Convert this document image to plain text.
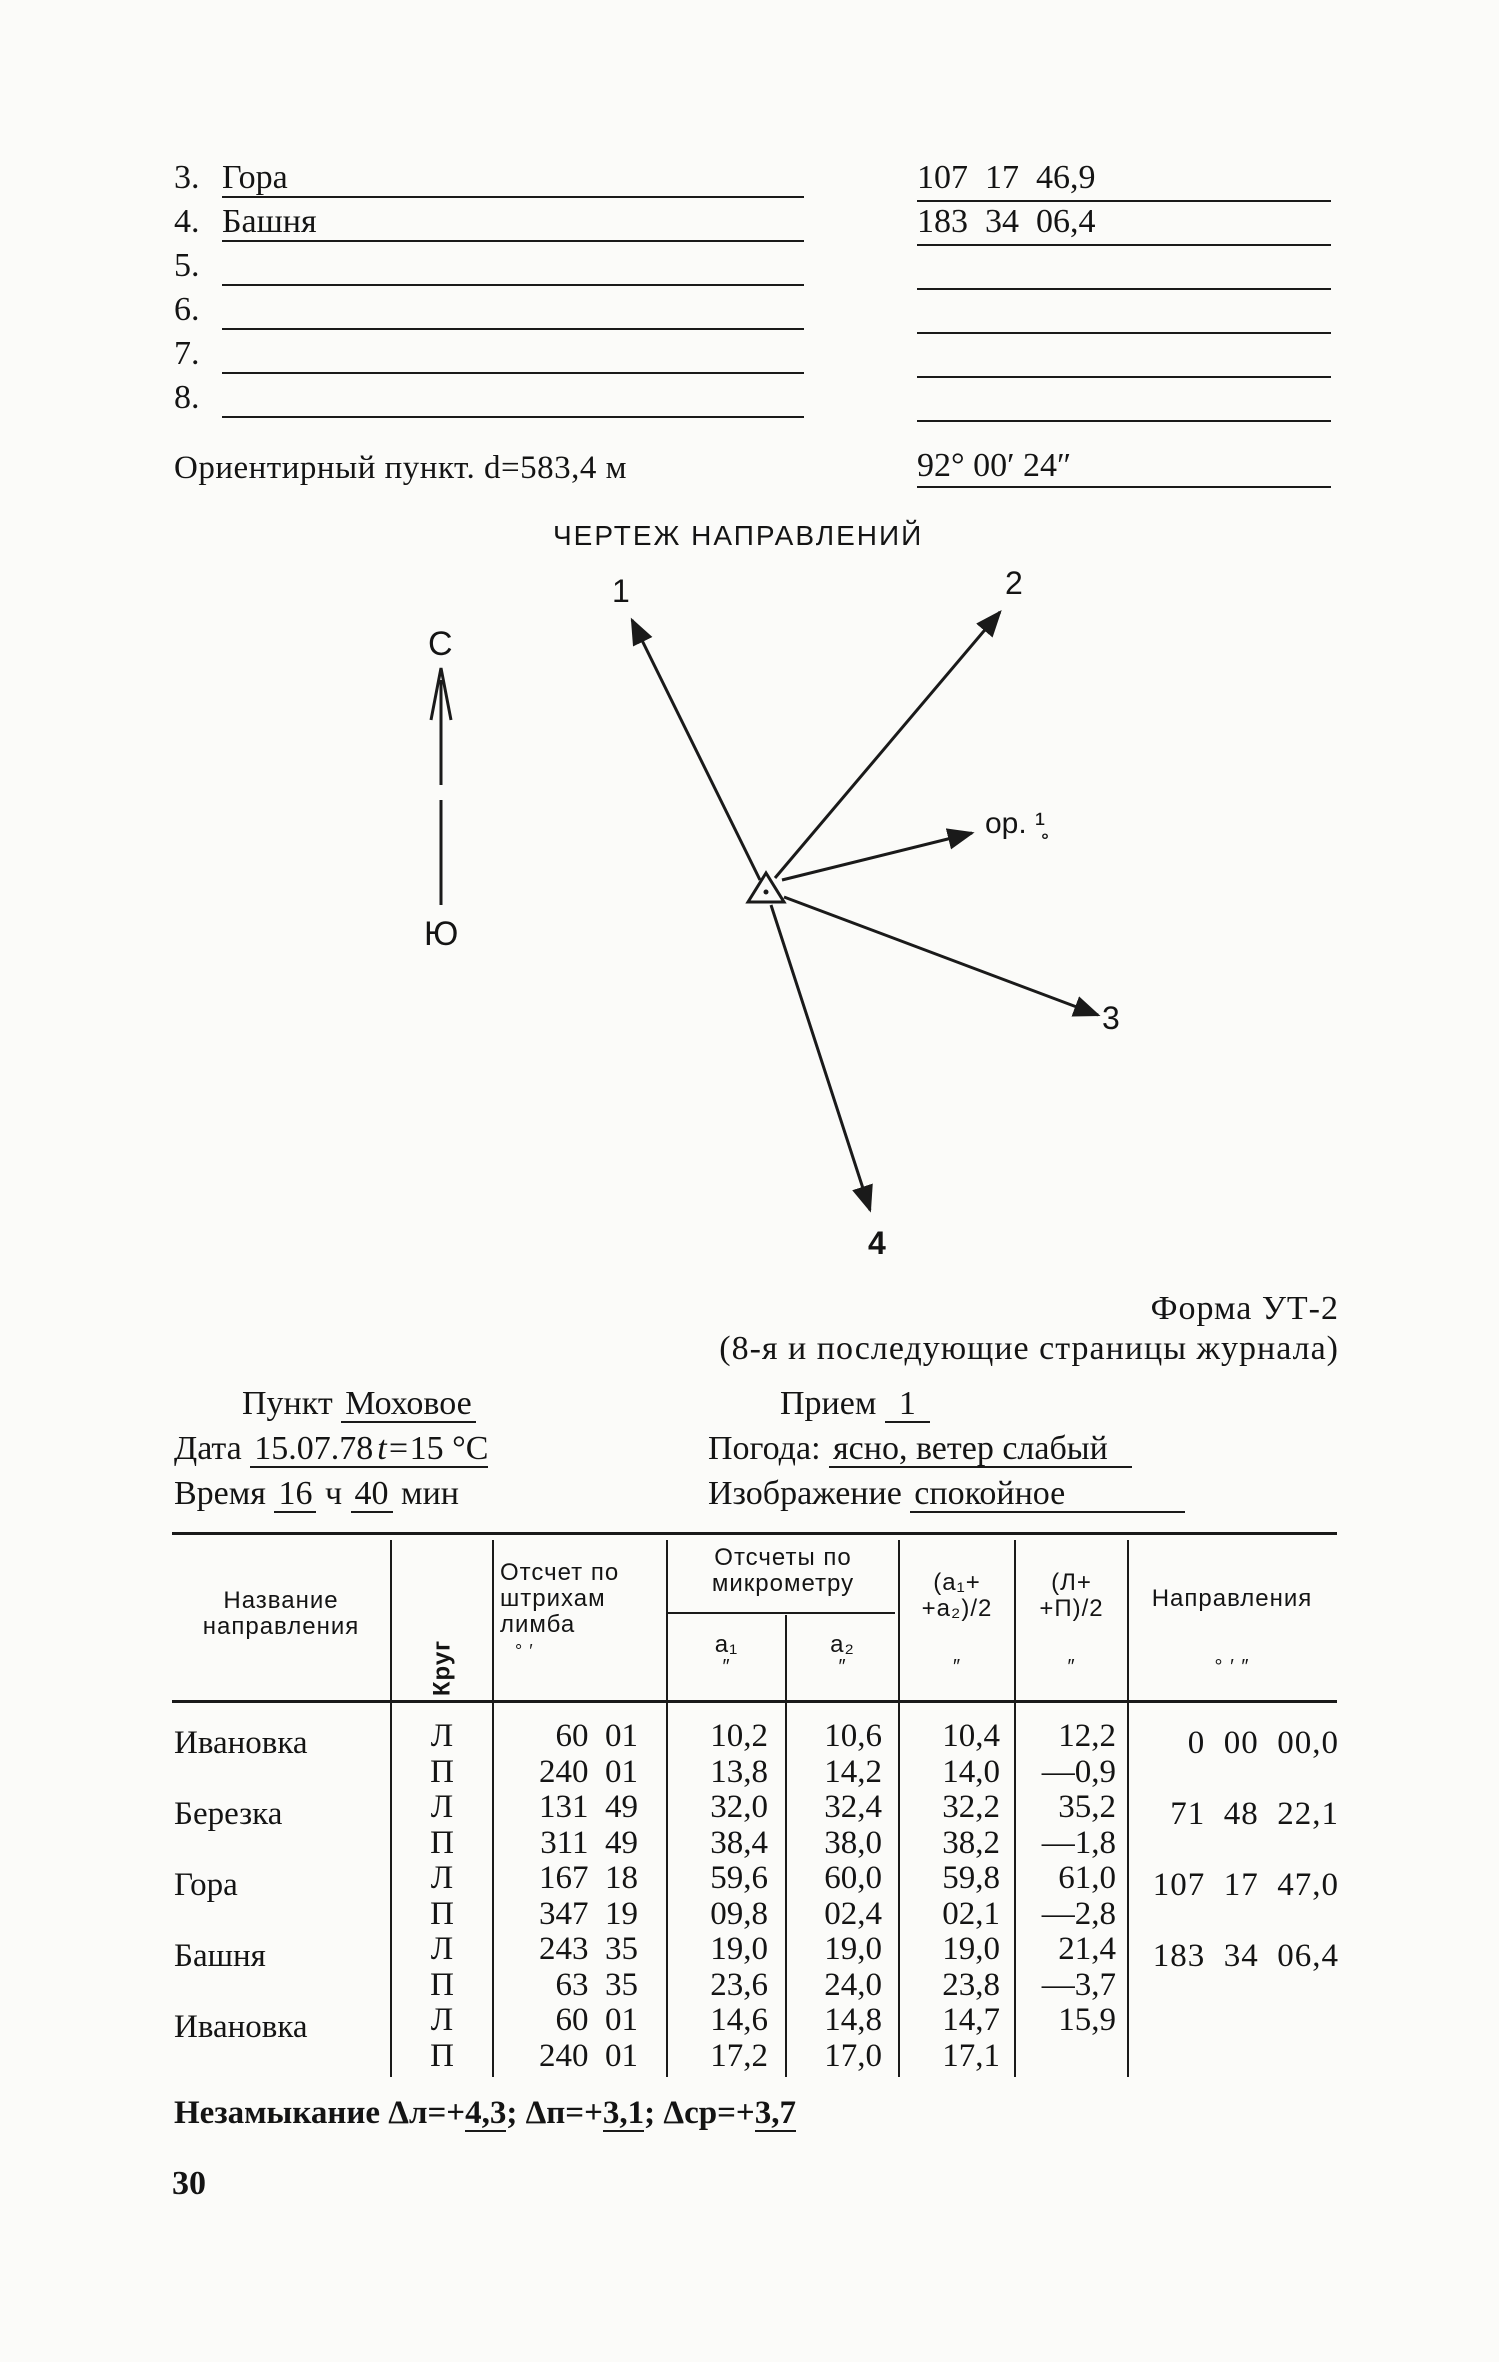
3. Гора	107  17  46,9
4. Башня	183  34  06,4
5.
6.
7.
8.
Ориентирный пункт. d=583,4 м	92° 00′ 24″
ЧЕРТЕЖ НАПРАВЛЕНИЙ
С
Ю
1	2
ор. ¹̥
3
4
Форма УТ-2
(8-я и последующие страницы журнала)
Пункт Моховое
Дата 15.07.78 t=15 °C
Время 16 ч 40 мин
Прием 1
Погода: ясно, ветер слабый
Изображение спокойное
Название направления
Круг
Отсчет по штрихам лимба
° ′
Отсчеты по микрометру
a₁	a₂
″	″
(a₁+ +a₂)/2
″
(Л+ +П)/2
″
Направления
° ′ ″
Ивановка	Л	60  01	10,2	10,6	10,4	12,2	0  00  00,0
П	240  01	13,8	14,2	14,0	—0,9
Березка	Л	131  49	32,0	32,4	32,2	35,2	71  48  22,1
П	311  49	38,4	38,0	38,2	—1,8
Гора	Л	167  18	59,6	60,0	59,8	61,0	107  17  47,0
П	347  19	09,8	02,4	02,1	—2,8
Башня	Л	243  35	19,0	19,0	19,0	21,4	183  34  06,4
П	63  35	23,6	24,0	23,8	—3,7
Ивановка	Л	60  01	14,6	14,8	14,7	15,9
П	240  01	17,2	17,0	17,1
Незамыкание Δл=+4,3; Δп=+3,1; Δср=+3,7
30
